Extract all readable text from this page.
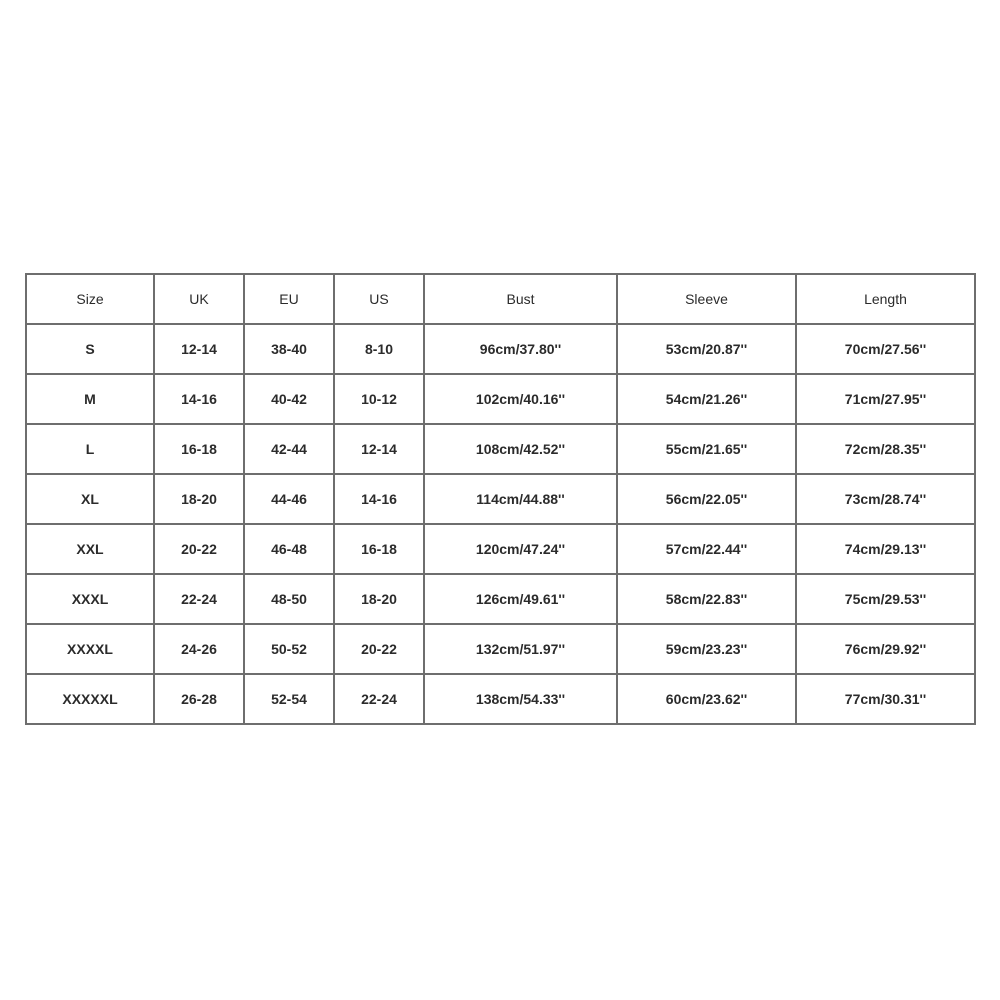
Size	UK	EU	US	Bust	Sleeve	Length
S	12-14	38-40	8-10	96cm/37.80''	53cm/20.87''	70cm/27.56''
M	14-16	40-42	10-12	102cm/40.16''	54cm/21.26''	71cm/27.95''
L	16-18	42-44	12-14	108cm/42.52''	55cm/21.65''	72cm/28.35''
XL	18-20	44-46	14-16	114cm/44.88''	56cm/22.05''	73cm/28.74''
XXL	20-22	46-48	16-18	120cm/47.24''	57cm/22.44''	74cm/29.13''
XXXL	22-24	48-50	18-20	126cm/49.61''	58cm/22.83''	75cm/29.53''
XXXXL	24-26	50-52	20-22	132cm/51.97''	59cm/23.23''	76cm/29.92''
XXXXXL	26-28	52-54	22-24	138cm/54.33''	60cm/23.62''	77cm/30.31''
